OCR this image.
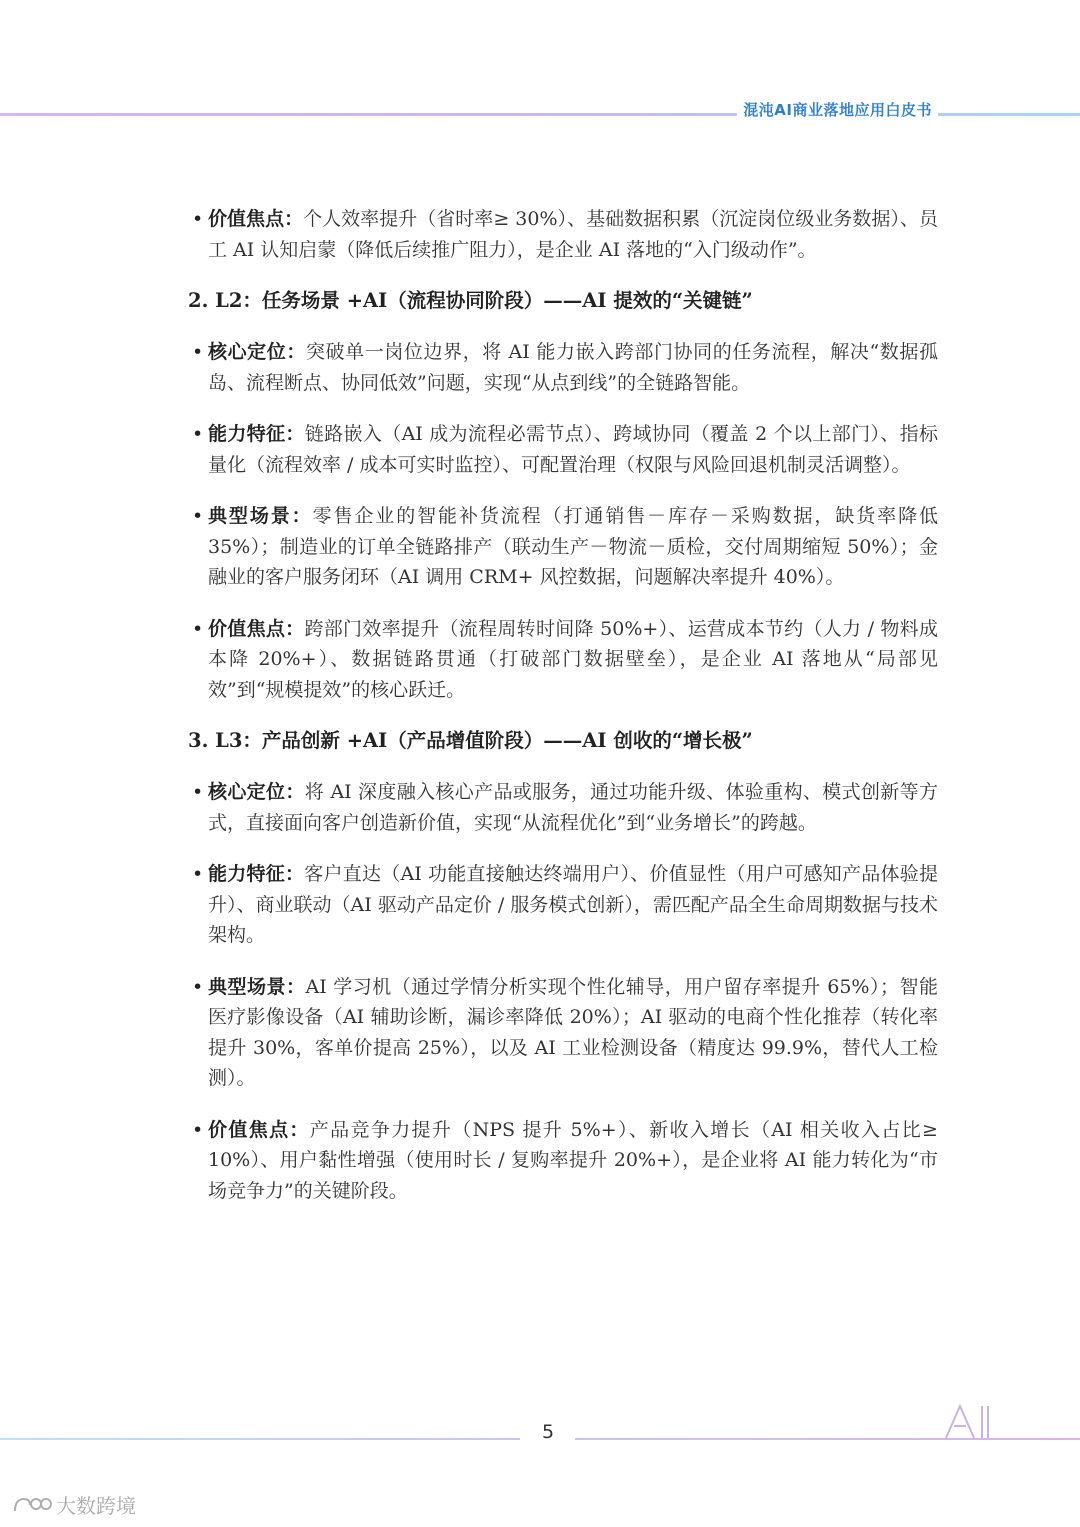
混沌AI商业落地应用白皮书
• 价值焦点：个人效率提升（省时率≥ 30%）、基础数据积累（沉淀岗位级业务数据）、员工 AI 认知启蒙（降低后续推广阻力），是企业 AI 落地的“入门级动作”。
2. L2：任务场景 +AI（流程协同阶段）——AI 提效的“关键链”
• 核心定位：突破单一岗位边界，将 AI 能力嵌入跨部门协同的任务流程，解决“数据孤岛、流程断点、协同低效”问题，实现“从点到线”的全链路智能。
• 能力特征：链路嵌入（AI 成为流程必需节点）、跨域协同（覆盖 2 个以上部门）、指标量化（流程效率 / 成本可实时监控）、可配置治理（权限与风险回退机制灵活调整）。
• 典型场景：零售企业的智能补货流程（打通销售－库存－采购数据，缺货率降低 35%）；制造业的订单全链路排产（联动生产－物流－质检，交付周期缩短 50%）；金融业的客户服务闭环（AI 调用 CRM+ 风控数据，问题解决率提升 40%）。
• 价值焦点：跨部门效率提升（流程周转时间降 50%+）、运营成本节约（人力 / 物料成本降 20%+）、数据链路贯通（打破部门数据壁垒），是企业 AI 落地从“局部见效”到“规模提效”的核心跃迁。
3. L3：产品创新 +AI（产品增值阶段）——AI 创收的“增长极”
• 核心定位：将 AI 深度融入核心产品或服务，通过功能升级、体验重构、模式创新等方式，直接面向客户创造新价值，实现“从流程优化”到“业务增长”的跨越。
• 能力特征：客户直达（AI 功能直接触达终端用户）、价值显性（用户可感知产品体验提升）、商业联动（AI 驱动产品定价 / 服务模式创新），需匹配产品全生命周期数据与技术架构。
• 典型场景：AI 学习机（通过学情分析实现个性化辅导，用户留存率提升 65%）；智能医疗影像设备（AI 辅助诊断，漏诊率降低 20%）；AI 驱动的电商个性化推荐（转化率提升 30%，客单价提高 25%），以及 AI 工业检测设备（精度达 99.9%，替代人工检测）。
• 价值焦点：产品竞争力提升（NPS 提升 5%+）、新收入增长（AI 相关收入占比≥ 10%）、用户黏性增强（使用时长 / 复购率提升 20%+），是企业将 AI 能力转化为“市场竞争力”的关键阶段。
5
大数跨境
